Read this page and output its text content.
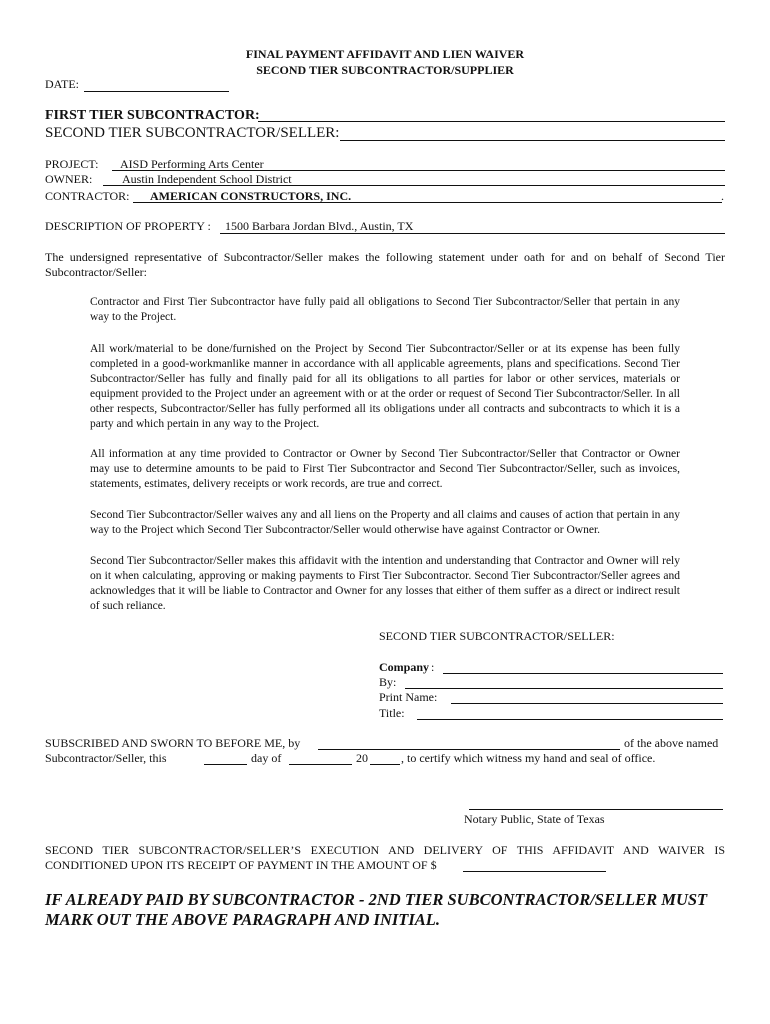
FINAL PAYMENT AFFIDAVIT AND LIEN WAIVER
SECOND TIER SUBCONTRACTOR/SUPPLIER
DATE:
FIRST TIER SUBCONTRACTOR:
SECOND TIER SUBCONTRACTOR/SELLER:
PROJECT: AISD Performing Arts Center
OWNER: Austin Independent School District
CONTRACTOR: AMERICAN CONSTRUCTORS, INC.	.
DESCRIPTION OF PROPERTY : 1500 Barbara Jordan Blvd., Austin, TX
The undersigned representative of Subcontractor/Seller makes the following statement under oath for and on behalf of Second Tier Subcontractor/Seller:
Contractor and First Tier Subcontractor have fully paid all obligations to Second Tier Subcontractor/Seller that pertain in any way to the Project.
All work/material to be done/furnished on the Project by Second Tier Subcontractor/Seller or at its expense has been fully completed in a good-workmanlike manner in accordance with all applicable agreements, plans and specifications. Second Tier Subcontractor/Seller has fully and finally paid for all its obligations to all parties for labor or other services, materials or equipment provided to the Project under an agreement with or at the order or request of Second Tier Subcontractor/Seller. In all other respects, Subcontractor/Seller has fully performed all its obligations under all contracts and subcontracts to which it is a party and which pertain in any way to the Project.
All information at any time provided to Contractor or Owner by Second Tier Subcontractor/Seller that Contractor or Owner may use to determine amounts to be paid to First Tier Subcontractor and Second Tier Subcontractor/Seller, such as invoices, statements, estimates, delivery receipts or work records, are true and correct.
Second Tier Subcontractor/Seller waives any and all liens on the Property and all claims and causes of action that pertain in any way to the Project which Second Tier Subcontractor/Seller would otherwise have against Contractor or Owner.
Second Tier Subcontractor/Seller makes this affidavit with the intention and understanding that Contractor and Owner will rely on it when calculating, approving or making payments to First Tier Subcontractor. Second Tier Subcontractor/Seller agrees and acknowledges that it will be liable to Contractor and Owner for any losses that either of them suffer as a direct or indirect result of such reliance.
SECOND TIER SUBCONTRACTOR/SELLER:
Company :
By:
Print Name:
Title:
SUBSCRIBED AND SWORN TO BEFORE ME, by	of the above named
Subcontractor/Seller, this	day of	20	, to certify which witness my hand and seal of office.
Notary Public, State of Texas
SECOND TIER SUBCONTRACTOR/SELLER’S EXECUTION AND DELIVERY OF THIS AFFIDAVIT AND WAIVER IS
CONDITIONED UPON ITS RECEIPT OF PAYMENT IN THE AMOUNT OF $
IF ALREADY PAID BY SUBCONTRACTOR - 2ND TIER SUBCONTRACTOR/SELLER MUST MARK OUT THE ABOVE PARAGRAPH AND INITIAL.
